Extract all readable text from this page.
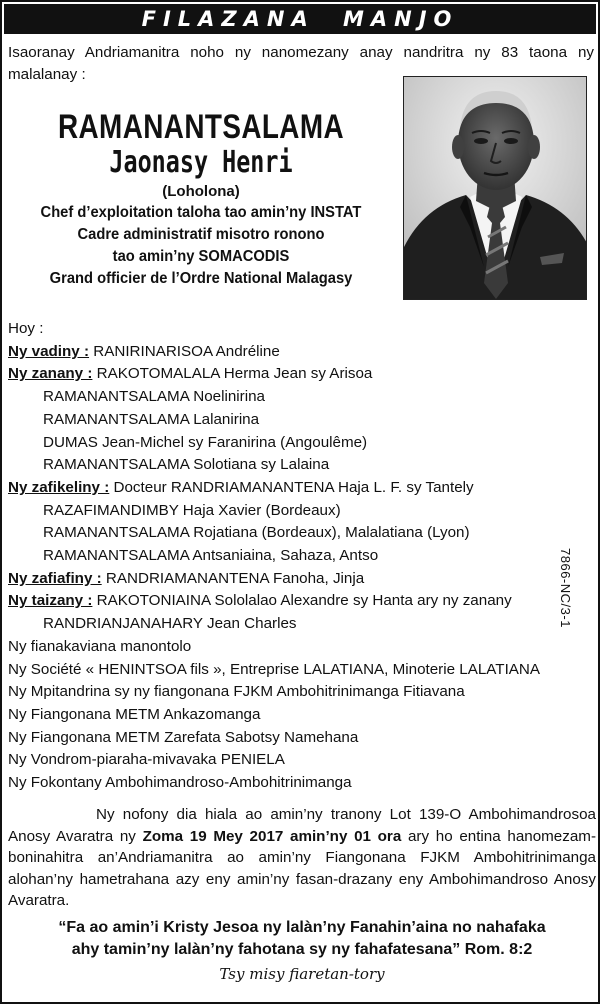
FILAZANA MANJO

Isaoranay Andriamanitra noho ny nanomezany anay nandritra ny 83 taona ny malalanay :

RAMANANTSALAMA
Jaonasy Henri
(Loholona)
Chef d’exploitation taloha tao amin’ny INSTAT
Cadre administratif misotro ronono
tao amin’ny SOMACODIS
Grand officier de l’Ordre National Malagasy
Hoy :
Ny vadiny : RANIRINARISOA Andréline
Ny zanany : RAKOTOMALALA Herma Jean sy Arisoa
RAMANANTSALAMA Noelinirina
RAMANANTSALAMA Lalanirina
DUMAS Jean-Michel sy Faranirina (Angoulême)
RAMANANTSALAMA Solotiana sy Lalaina
Ny zafikeliny : Docteur RANDRIAMANANTENA Haja L. F. sy Tantely
RAZAFIMANDIMBY Haja Xavier (Bordeaux)
RAMANANTSALAMA Rojatiana (Bordeaux), Malalatiana (Lyon)
RAMANANTSALAMA Antsaniaina, Sahaza, Antso
Ny zafiafiny : RANDRIAMANANTENA Fanoha, Jinja
Ny taizany : RAKOTONIAINA Sololalao Alexandre sy Hanta ary ny zanany
RANDRIANJANAHARY Jean Charles
Ny fianakaviana manontolo
Ny Société « HENINTSOA fils », Entreprise LALATIANA, Minoterie LALATIANA
Ny Mpitandrina sy ny fiangonana FJKM Ambohitrinimanga Fitiavana
Ny Fiangonana METM Ankazomanga
Ny Fiangonana METM Zarefata Sabotsy Namehana
Ny Vondrom-piaraha-mivavaka PENIELA
Ny Fokontany Ambohimandroso-Ambohitrinimanga
7866-NC/3-1

Ny nofony dia hiala ao amin’ny tranony Lot 139-O Ambohimandrosoa Anosy Avaratra ny Zoma 19 Mey 2017 amin’ny 01 ora ary ho entina hanomezam-boninahitra an’Andriamanitra ao amin’ny Fiangonana FJKM Ambohitrinimanga alohan’ny hametrahana azy eny amin’ny fasan-drazany eny Ambohimandroso Anosy Avaratra.

“Fa ao amin’i Kristy Jesoa ny lalàn’ny Fanahin’aina no nahafaka
ahy tamin’ny lalàn’ny fahotana sy ny fahafatesana” Rom. 8:2
Tsy misy fiaretan-tory
